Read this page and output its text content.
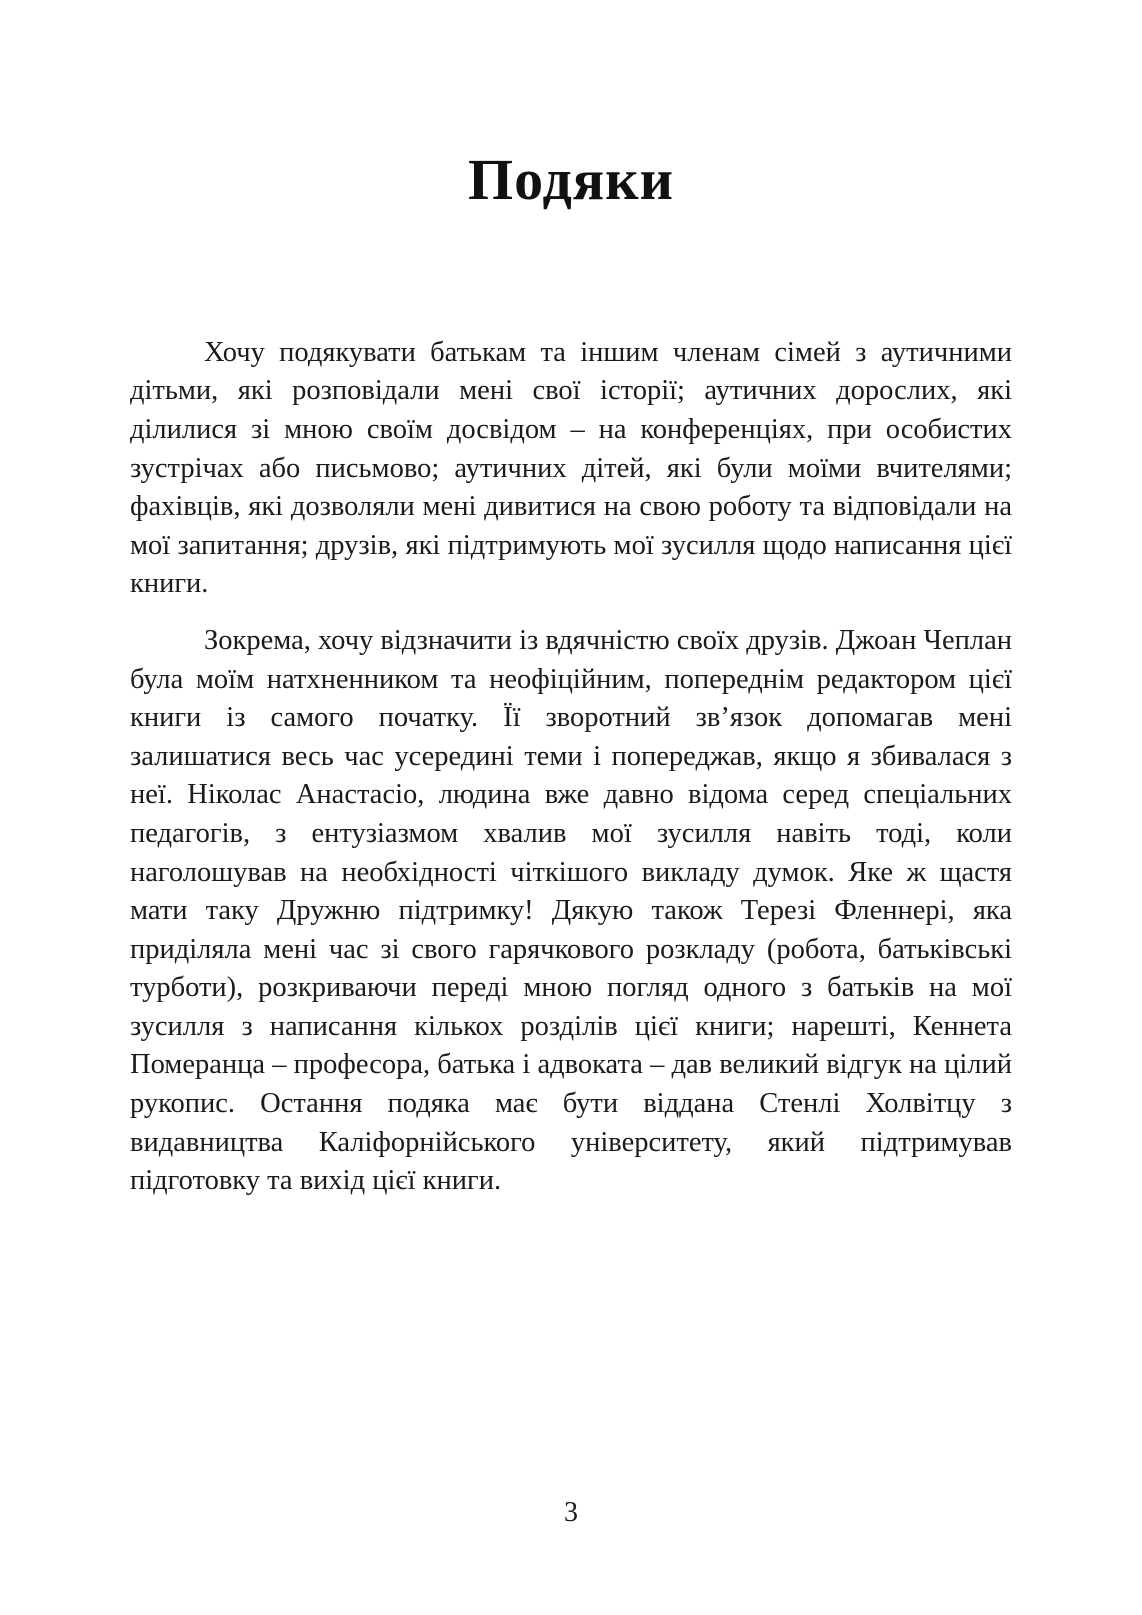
Подяки

Хочу подякувати батькам та іншим членам сімей з аутичними дітьми, які розповідали мені свої історії; аутичних дорослих, які ділилися зі мною своїм досвідом – на конференціях, при особистих зустрічах або письмово; аутичних дітей, які були моїми вчителями; фахівців, які дозволяли мені дивитися на свою роботу та відповідали на мої запитання; друзів, які підтримують мої зусилля щодо написання цієї книги.

Зокрема, хочу відзначити із вдячністю своїх друзів. Джоан Чеплан була моїм натхненником та неофіційним, попереднім редактором цієї книги із самого початку. Її зворотний зв’язок допомагав мені залишатися весь час усередині теми і попереджав, якщо я збивалася з неї. Ніколас Анастасіо, людина вже давно відома серед спеціальних педагогів, з ентузіазмом хвалив мої зусилля навіть тоді, коли наголошував на необхідності чіткішого викладу думок. Яке ж щастя мати таку Дружню підтримку! Дякую також Терезі Фленнері, яка приділяла мені час зі свого гарячкового розкладу (робота, батьківські турботи), розкриваючи переді мною погляд одного з батьків на мої зусилля з написання кількох розділів цієї книги; нарешті, Кеннета Померанца – професора, батька і адвоката – дав великий відгук на цілий рукопис. Остання подяка має бути віддана Стенлі Холвітцу з видавництва Каліфорнійського університету, який підтримував підготовку та вихід цієї книги.

3
